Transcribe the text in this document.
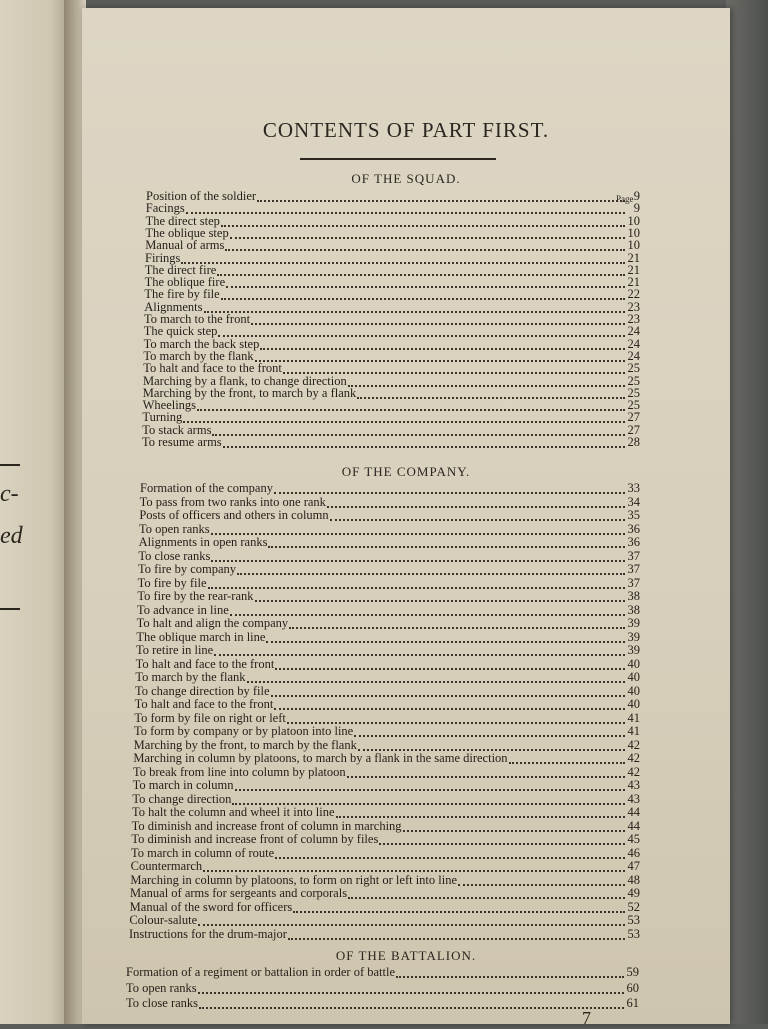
c-
ed
CONTENTS OF PART FIRST.
Page
OF THE SQUAD.
Position of the soldier	9
Facings	9
The direct step	10
The oblique step	10
Manual of arms	10
Firings	21
The direct fire	21
The oblique fire	21
The fire by file	22
Alignments	23
To march to the front	23
The quick step	24
To march the back step	24
To march by the flank	24
To halt and face to the front	25
Marching by a flank, to change direction	25
Marching by the front, to march by a flank	25
Wheelings	25
Turning	27
To stack arms	27
To resume arms	28
OF THE COMPANY.
Formation of the company	33
To pass from two ranks into one rank	34
Posts of officers and others in column	35
To open ranks	36
Alignments in open ranks	36
To close ranks	37
To fire by company	37
To fire by file	37
To fire by the rear-rank	38
To advance in line	38
To halt and align the company	39
The oblique march in line	39
To retire in line	39
To halt and face to the front	40
To march by the flank	40
To change direction by file	40
To halt and face to the front	40
To form by file on right or left	41
To form by company or by platoon into line	41
Marching by the front, to march by the flank	42
Marching in column by platoons, to march by a flank in the same direction	42
To break from line into column by platoon	42
To march in column	43
To change direction	43
To halt the column and wheel it into line	44
To diminish and increase front of column in marching	44
To diminish and increase front of column by files	45
To march in column of route	46
Countermarch	47
Marching in column by platoons, to form on right or left into line	48
Manual of arms for sergeants and corporals	49
Manual of the sword for officers	52
Colour-salute	53
Instructions for the drum-major	53
OF THE BATTALION.
Formation of a regiment or battalion in order of battle	59
To open ranks	60
To close ranks	61
7
